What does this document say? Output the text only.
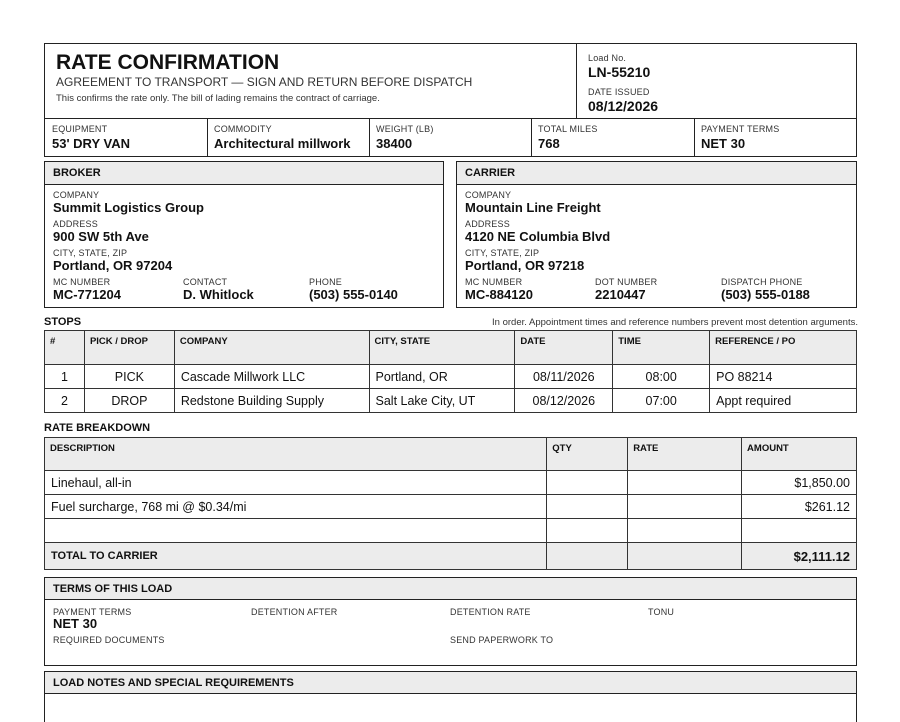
RATE CONFIRMATION
AGREEMENT TO TRANSPORT — SIGN AND RETURN BEFORE DISPATCH
This confirms the rate only. The bill of lading remains the contract of carriage.
Load No.
LN-55210
DATE ISSUED
08/12/2026
EQUIPMENT
53' DRY VAN
COMMODITY
Architectural millwork
WEIGHT (LB)
38400
TOTAL MILES
768
PAYMENT TERMS
NET 30
BROKER
COMPANY
Summit Logistics Group
ADDRESS
900 SW 5th Ave
CITY, STATE, ZIP
Portland, OR 97204
MC NUMBER
MC-771204
CONTACT
D. Whitlock
PHONE
(503) 555-0140
CARRIER
COMPANY
Mountain Line Freight
ADDRESS
4120 NE Columbia Blvd
CITY, STATE, ZIP
Portland, OR 97218
MC NUMBER
MC-884120
DOT NUMBER
2210447
DISPATCH PHONE
(503) 555-0188
STOPS	In order. Appointment times and reference numbers prevent most detention arguments.
#	PICK / DROP	COMPANY	CITY, STATE	DATE	TIME	REFERENCE / PO
1	PICK	Cascade Millwork LLC	Portland, OR	08/11/2026	08:00	PO 88214
2	DROP	Redstone Building Supply	Salt Lake City, UT	08/12/2026	07:00	Appt required
RATE BREAKDOWN
DESCRIPTION	QTY	RATE	AMOUNT
Linehaul, all-in			$1,850.00
Fuel surcharge, 768 mi @ $0.34/mi			$261.12

TOTAL TO CARRIER			$2,111.12
TERMS OF THIS LOAD
PAYMENT TERMS
NET 30
DETENTION AFTER	DETENTION RATE	TONU
REQUIRED DOCUMENTS	SEND PAPERWORK TO
LOAD NOTES AND SPECIAL REQUIREMENTS
